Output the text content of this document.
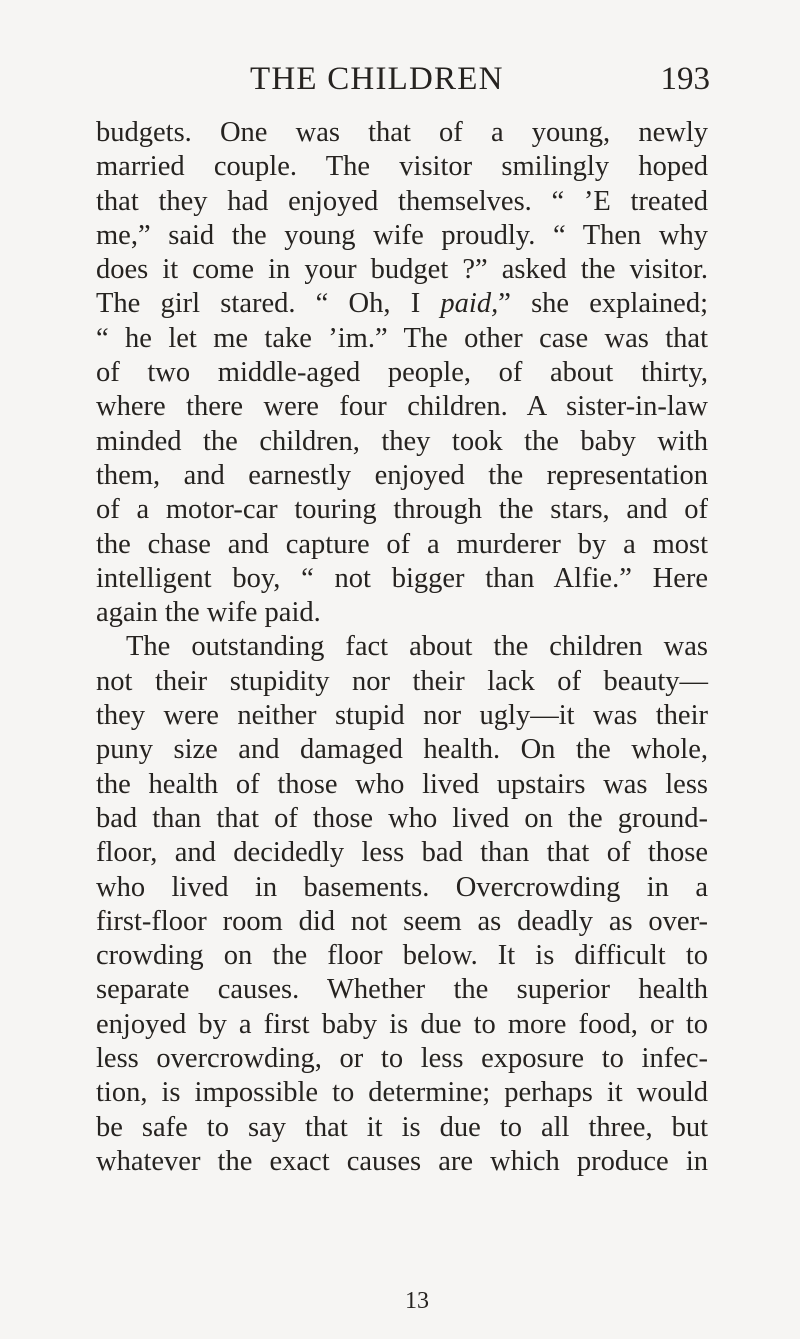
THE CHILDREN	193
budgets. One was that of a young, newly
married couple. The visitor smilingly hoped
that they had enjoyed themselves. “ ’E treated
me,” said the young wife proudly. “ Then why
does it come in your budget ?” asked the visitor.
The girl stared. “ Oh, I paid,” she explained;
“ he let me take ’im.” The other case was that
of two middle-aged people, of about thirty,
where there were four children. A sister-in-law
minded the children, they took the baby with
them, and earnestly enjoyed the representation
of a motor-car touring through the stars, and of
the chase and capture of a murderer by a most
intelligent boy, “ not bigger than Alfie.” Here
again the wife paid.
The outstanding fact about the children was
not their stupidity nor their lack of beauty—
they were neither stupid nor ugly—it was their
puny size and damaged health. On the whole,
the health of those who lived upstairs was less
bad than that of those who lived on the ground-
floor, and decidedly less bad than that of those
who lived in basements. Overcrowding in a
first-floor room did not seem as deadly as over-
crowding on the floor below. It is difficult to
separate causes. Whether the superior health
enjoyed by a first baby is due to more food, or to
less overcrowding, or to less exposure to infec-
tion, is impossible to determine; perhaps it would
be safe to say that it is due to all three, but
whatever the exact causes are which produce in
13
